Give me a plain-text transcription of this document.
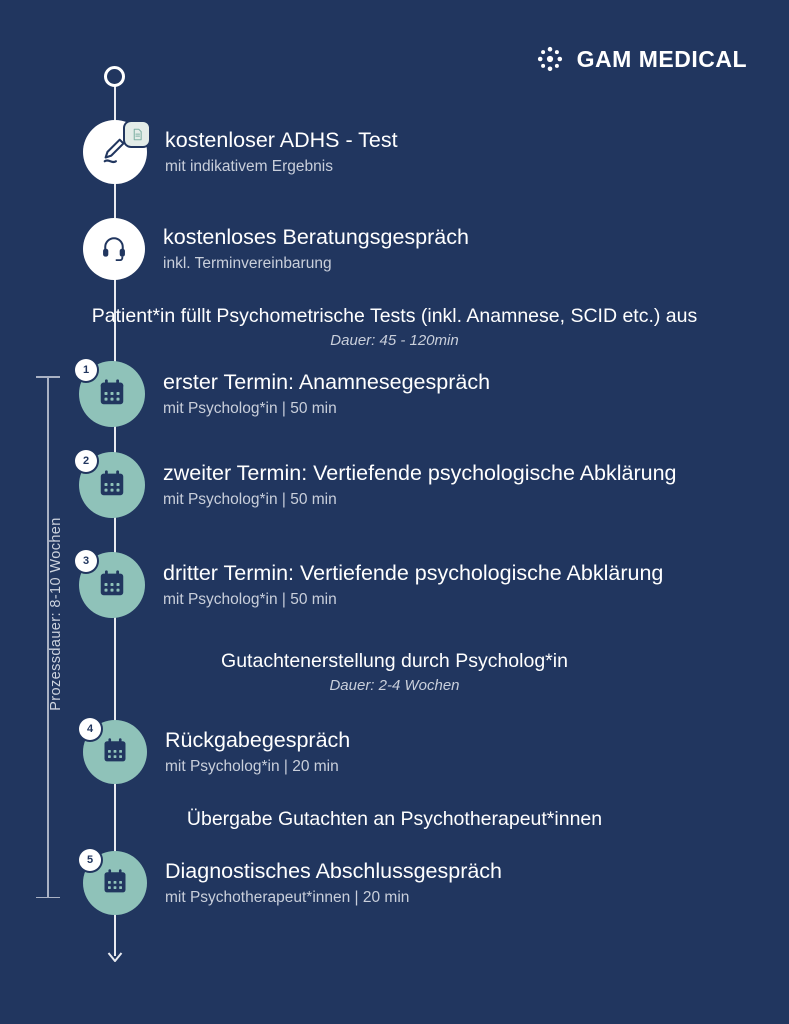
GAM MEDICAL
Prozessdauer: 8-10 Wochen
kostenloser ADHS - Test
mit indikativem Ergebnis
kostenloses Beratungsgespräch
inkl. Terminvereinbarung
Patient*in füllt Psychometrische Tests (inkl. Anamnese, SCID etc.) aus
Dauer: 45 - 120min
1
erster Termin: Anamnesegespräch
mit Psycholog*in | 50 min
2
zweiter Termin: Vertiefende psychologische Abklärung
mit Psycholog*in | 50 min
3
dritter Termin: Vertiefende psychologische Abklärung
mit Psycholog*in | 50 min
Gutachtenerstellung durch Psycholog*in
Dauer: 2-4 Wochen
4	Rückgabegespräch
mit Psycholog*in | 20 min
Übergabe Gutachten an Psychotherapeut*innen
5	Diagnostisches Abschlussgespräch
mit Psychotherapeut*innen | 20 min
